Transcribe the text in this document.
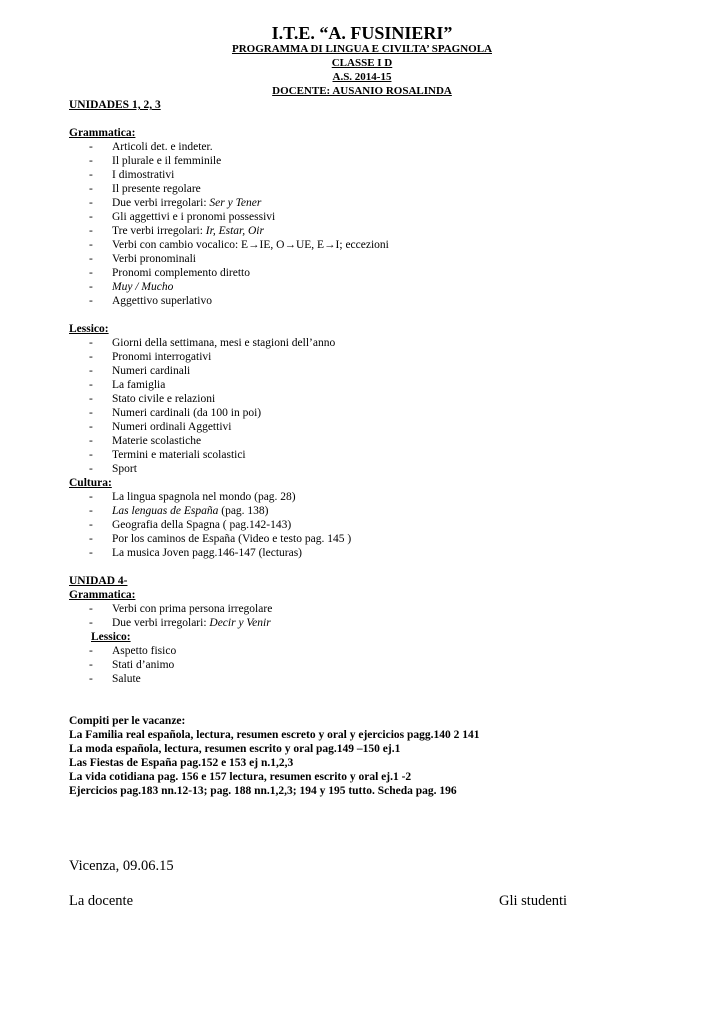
I.T.E. “A. FUSINIERI”
PROGRAMMA DI LINGUA E CIVILTA’ SPAGNOLA
CLASSE I D
A.S. 2014-15
DOCENTE: AUSANIO ROSALINDA
UNIDADES 1, 2, 3
Grammatica:
- Articoli det. e indeter.
- Il plurale e il femminile
- I dimostrativi
- Il presente regolare
- Due verbi irregolari: Ser y Tener
- Gli aggettivi e i pronomi possessivi
- Tre verbi irregolari: Ir, Estar, Oir
- Verbi con cambio vocalico: E→IE, O→UE, E→I; eccezioni
- Verbi pronominali
- Pronomi complemento diretto
- Muy / Mucho
- Aggettivo superlativo
Lessico:
- Giorni della settimana, mesi e stagioni dell’anno
- Pronomi interrogativi
- Numeri cardinali
- La famiglia
- Stato civile e relazioni
- Numeri cardinali (da 100 in poi)
- Numeri ordinali Aggettivi
- Materie scolastiche
- Termini e materiali scolastici
- Sport
Cultura:
- La lingua spagnola nel mondo (pag. 28)
- Las lenguas de España (pag. 138)
- Geografia della Spagna ( pag.142-143)
- Por los caminos de España (Video e testo pag. 145 )
- La musica Joven pagg.146-147 (lecturas)
UNIDAD 4-
Grammatica:
- Verbi con prima persona irregolare
- Due verbi irregolari: Decir y Venir
Lessico:
- Aspetto fisico
- Stati d’animo
- Salute
Compiti per le vacanze:
La Familia real española, lectura, resumen escreto y oral y ejercicios pagg.140 2 141
La moda española, lectura, resumen escrito y oral pag.149 –150 ej.1
Las Fiestas de España pag.152 e 153 ej n.1,2,3
La vida cotidiana pag. 156 e 157 lectura, resumen escrito y oral ej.1 -2
Ejercicios pag.183 nn.12-13; pag. 188 nn.1,2,3; 194 y 195 tutto. Scheda pag. 196
Vicenza, 09.06.15
La docente	Gli studenti
